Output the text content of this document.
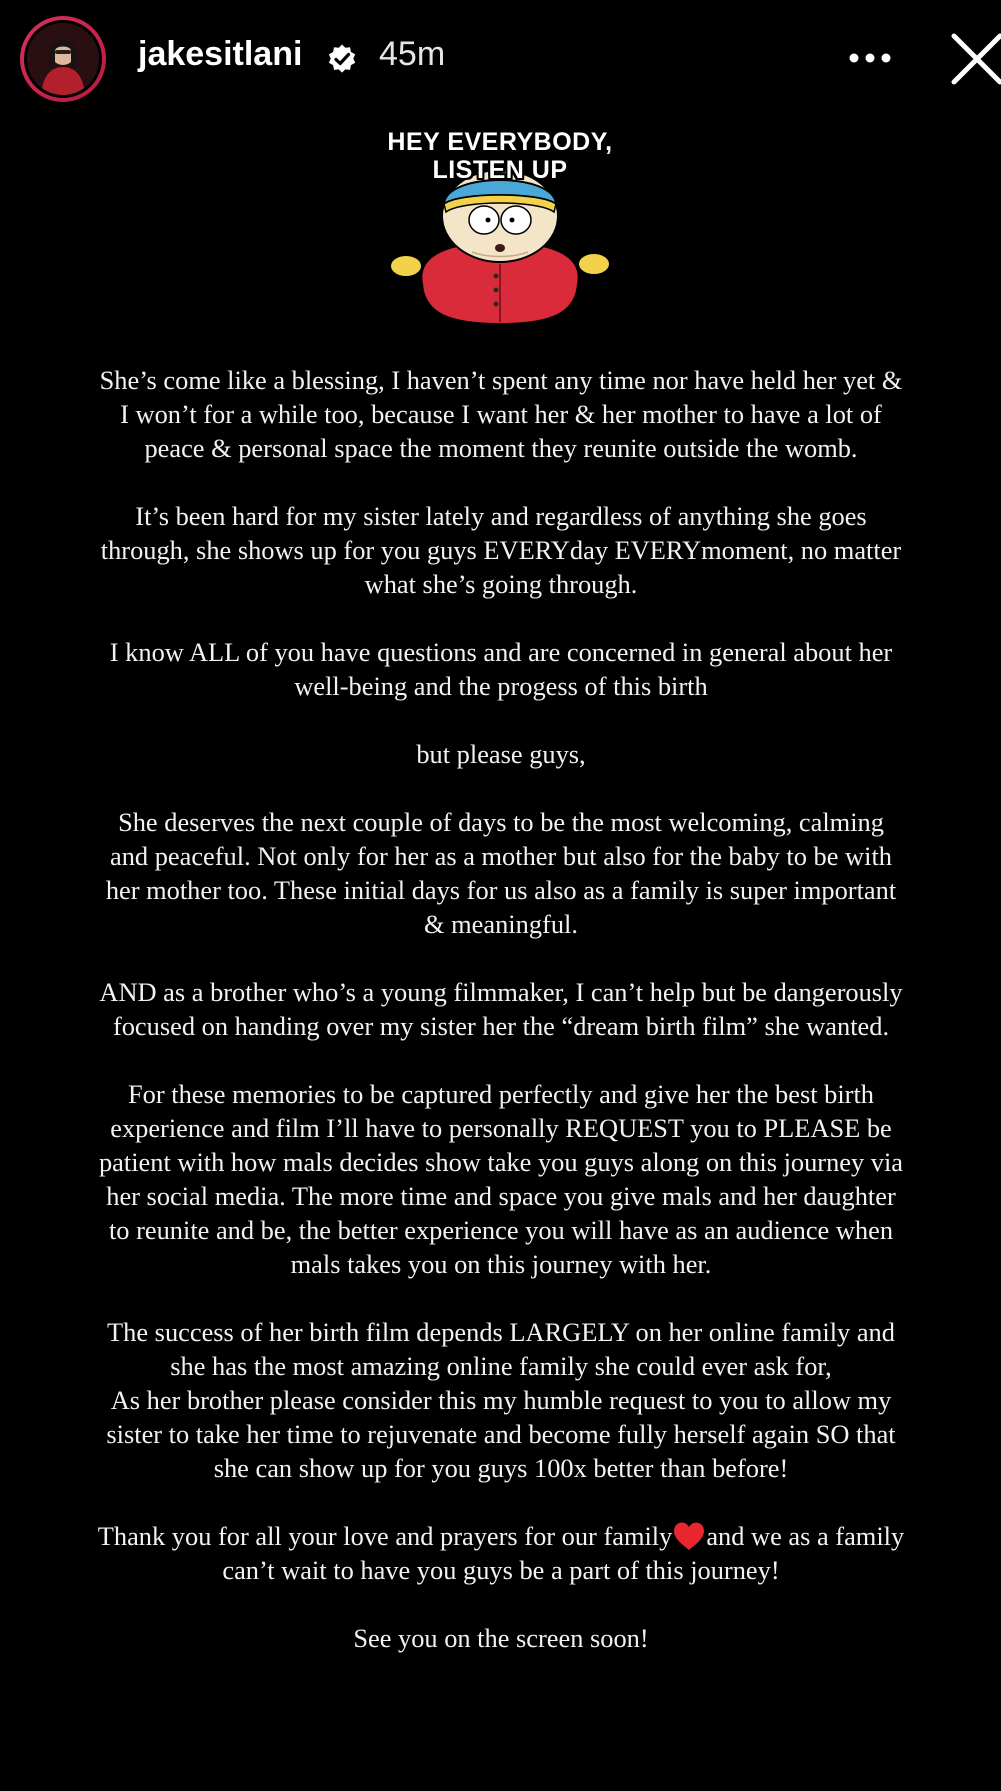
jakesitlani 45m
HEY EVERYBODY,
LISTEN UP

She’s come like a blessing, I haven’t spent any time nor have held her yet &
I won’t for a while too, because I want her & her mother to have a lot of
peace & personal space the moment they reunite outside the womb.

It’s been hard for my sister lately and regardless of anything she goes
through, she shows up for you guys EVERYday EVERYmoment, no matter
what she’s going through.

I know ALL of you have questions and are concerned in general about her
well-being and the progess of this birth

but please guys,

She deserves the next couple of days to be the most welcoming, calming
and peaceful. Not only for her as a mother but also for the baby to be with
her mother too. These initial days for us also as a family is super important
& meaningful.

AND as a brother who’s a young filmmaker, I can’t help but be dangerously
focused on handing over my sister her the “dream birth film” she wanted.

For these memories to be captured perfectly and give her the best birth
experience and film I’ll have to personally REQUEST you to PLEASE be
patient with how mals decides show take you guys along on this journey via
her social media. The more time and space you give mals and her daughter
to reunite and be, the better experience you will have as an audience when
mals takes you on this journey with her.

The success of her birth film depends LARGELY on her online family and
she has the most amazing online family she could ever ask for,
As her brother please consider this my humble request to you to allow my
sister to take her time to rejuvenate and become fully herself again SO that
she can show up for you guys 100x better than before!

Thank you for all your love and prayers for our family and we as a family
can’t wait to have you guys be a part of this journey!

See you on the screen soon!
